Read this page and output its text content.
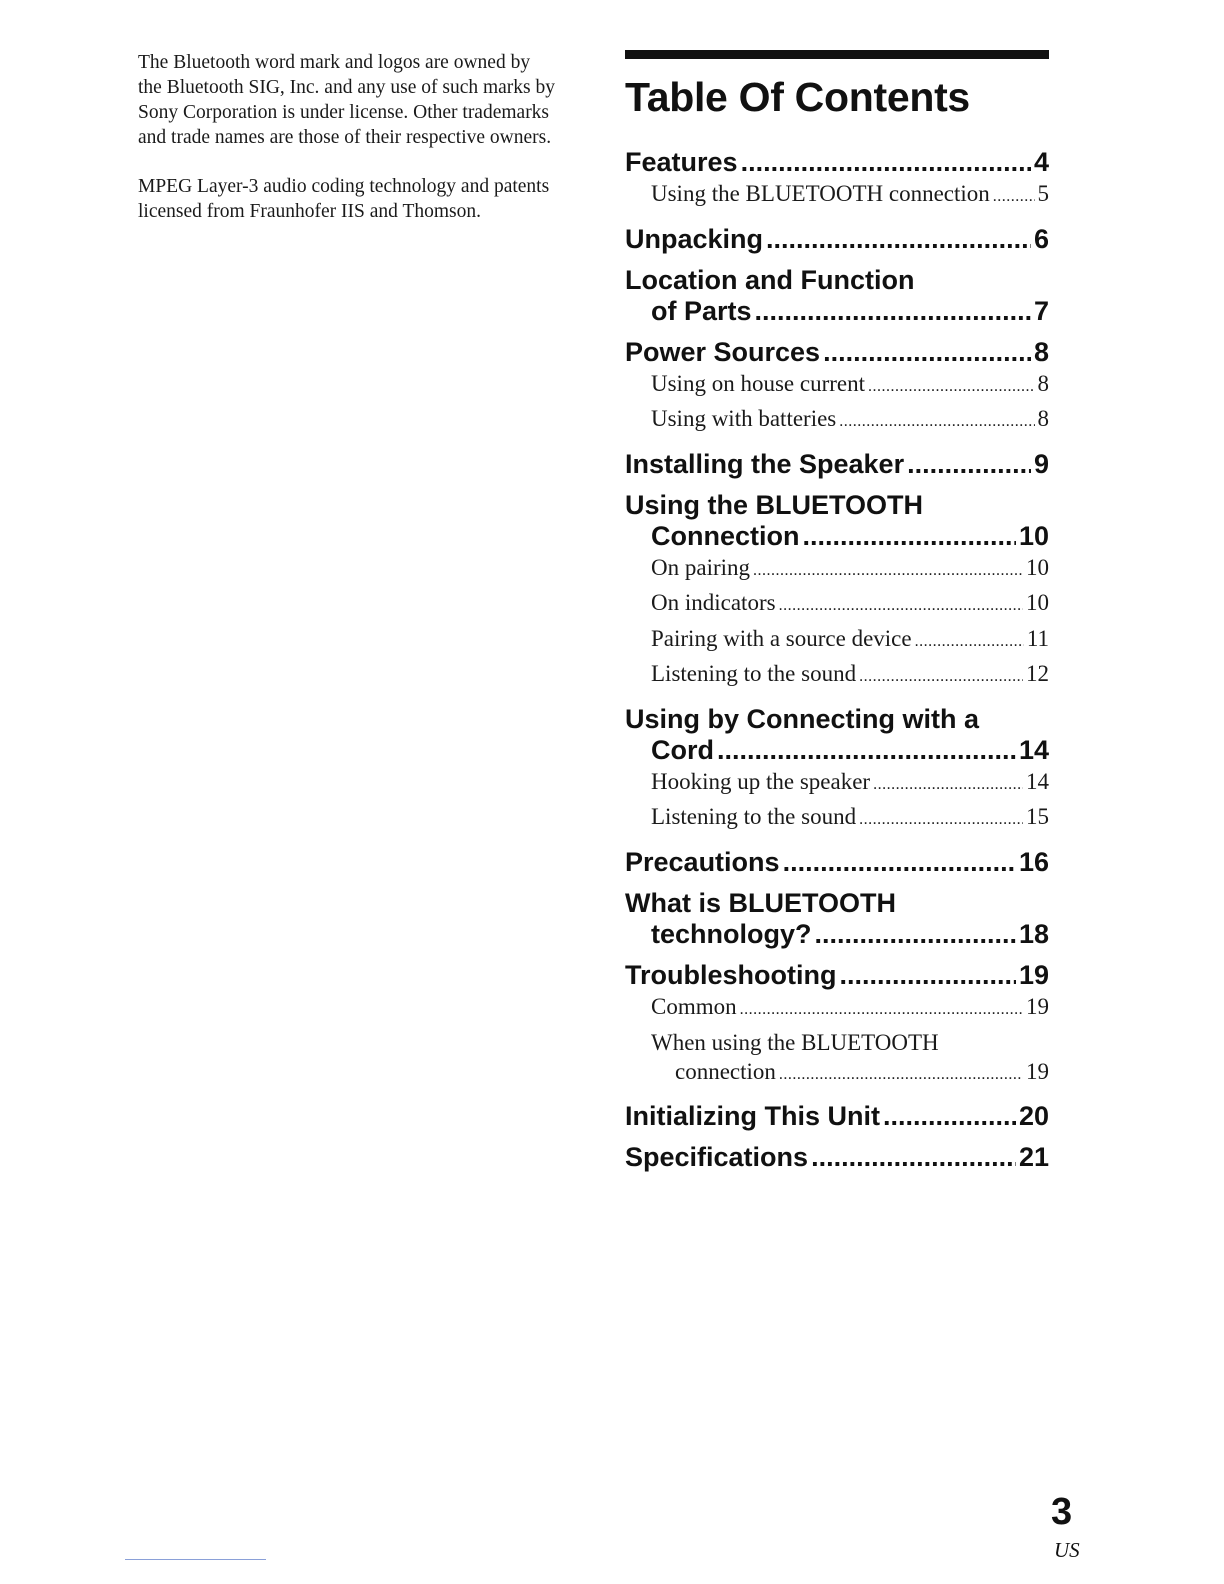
The Bluetooth word mark and logos are owned by the Bluetooth SIG, Inc. and any use of such marks by Sony Corporation is under license. Other trademarks and trade names are those of their respective owners.

MPEG Layer-3 audio coding technology and patents licensed from Fraunhofer IIS and Thomson.

Table Of Contents
Features .....	4
Using the BLUETOOTH connection ..... 5
Unpacking .....	6
Location and Function
of Parts .....	7
Power Sources .....	8
Using on house current .....	8
Using with batteries .....	8
Installing the Speaker .....	9
Using the BLUETOOTH
Connection .....	10
On pairing .....	10
On indicators .....	10
Pairing with a source device .....	11
Listening to the sound .....	12
Using by Connecting with a
Cord .....	14
Hooking up the speaker .....	14
Listening to the sound .....	15
Precautions .....	16
What is BLUETOOTH
technology? .....	18
Troubleshooting .....	19
Common .....	19
When using the BLUETOOTH
connection .....	19
Initializing This Unit .....	20
Specifications .....	21
3
US
